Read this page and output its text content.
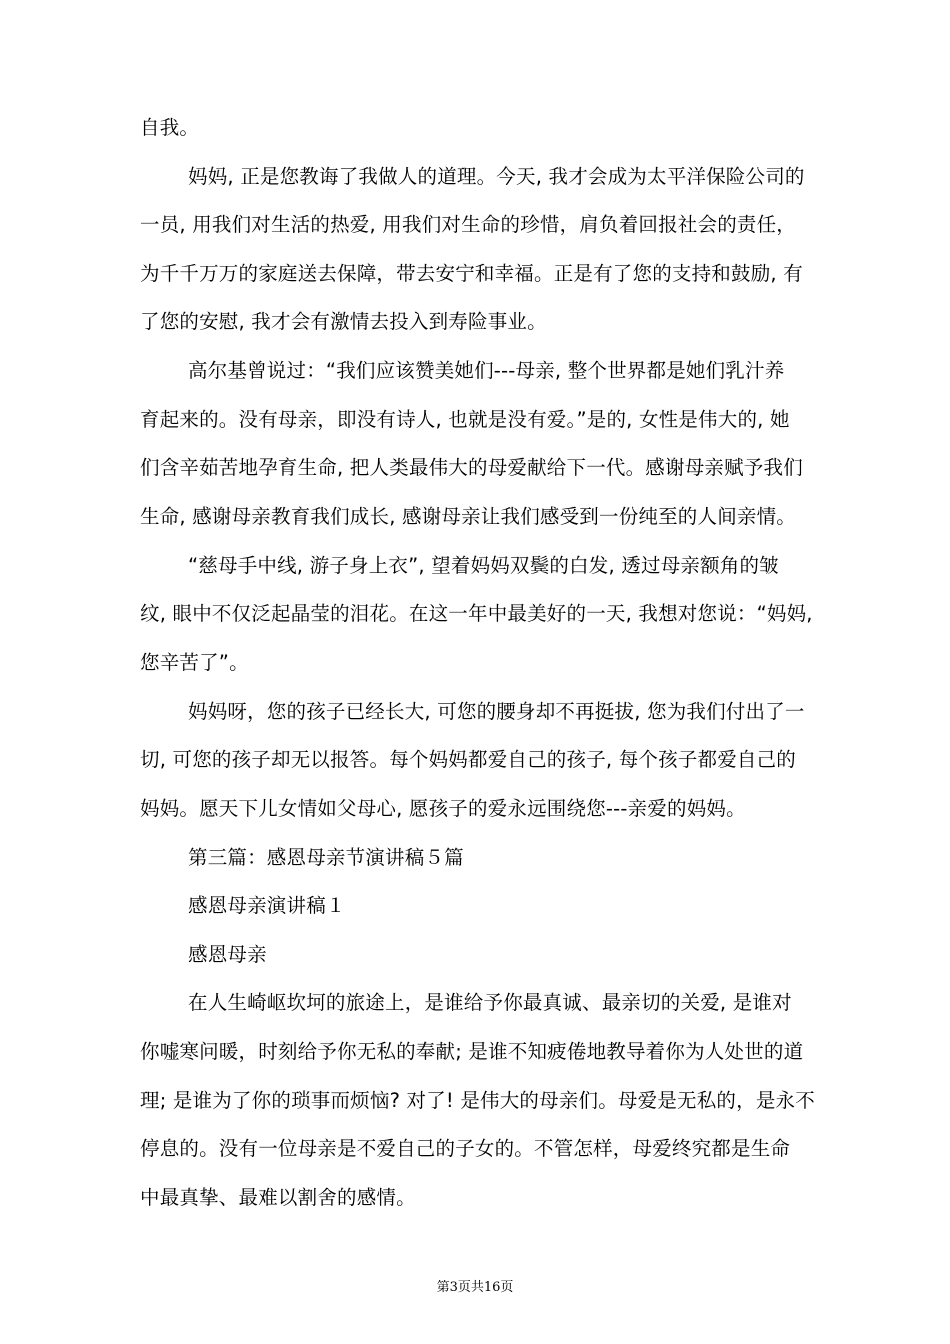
自我。
妈妈, 正是您教诲了我做人的道理。今天, 我才会成为太平洋保险公司的
一员, 用我们对生活的热爱, 用我们对生命的珍惜，肩负着回报社会的责任，
为千千万万的家庭送去保障，带去安宁和幸福。正是有了您的支持和鼓励, 有
了您的安慰, 我才会有激情去投入到寿险事业。
高尔基曾说过：“我们应该赞美她们---母亲, 整个世界都是她们乳汁养
育起来的。没有母亲，即没有诗人, 也就是没有爱。”是的, 女性是伟大的, 她
们含辛茹苦地孕育生命, 把人类最伟大的母爱献给下一代。感谢母亲赋予我们
生命, 感谢母亲教育我们成长, 感谢母亲让我们感受到一份纯至的人间亲情。
“慈母手中线, 游子身上衣”, 望着妈妈双鬓的白发, 透过母亲额角的皱
纹, 眼中不仅泛起晶莹的泪花。在这一年中最美好的一天, 我想对您说：“妈妈,
您辛苦了”。
妈妈呀，您的孩子已经长大, 可您的腰身却不再挺拔, 您为我们付出了一
切, 可您的孩子却无以报答。每个妈妈都爱自己的孩子, 每个孩子都爱自己的
妈妈。愿天下儿女情如父母心, 愿孩子的爱永远围绕您---亲爱的妈妈。
第三篇：感恩母亲节演讲稿５篇
感恩母亲演讲稿１
感恩母亲
在人生崎岖坎坷的旅途上，是谁给予你最真诚、最亲切的关爱, 是谁对
你嘘寒问暖，时刻给予你无私的奉献; 是谁不知疲倦地教导着你为人处世的道
理; 是谁为了你的琐事而烦恼? 对了! 是伟大的母亲们。母爱是无私的，是永不
停息的。没有一位母亲是不爱自己的子女的。不管怎样，母爱终究都是生命
中最真挚、最难以割舍的感情。
第3页共16页
